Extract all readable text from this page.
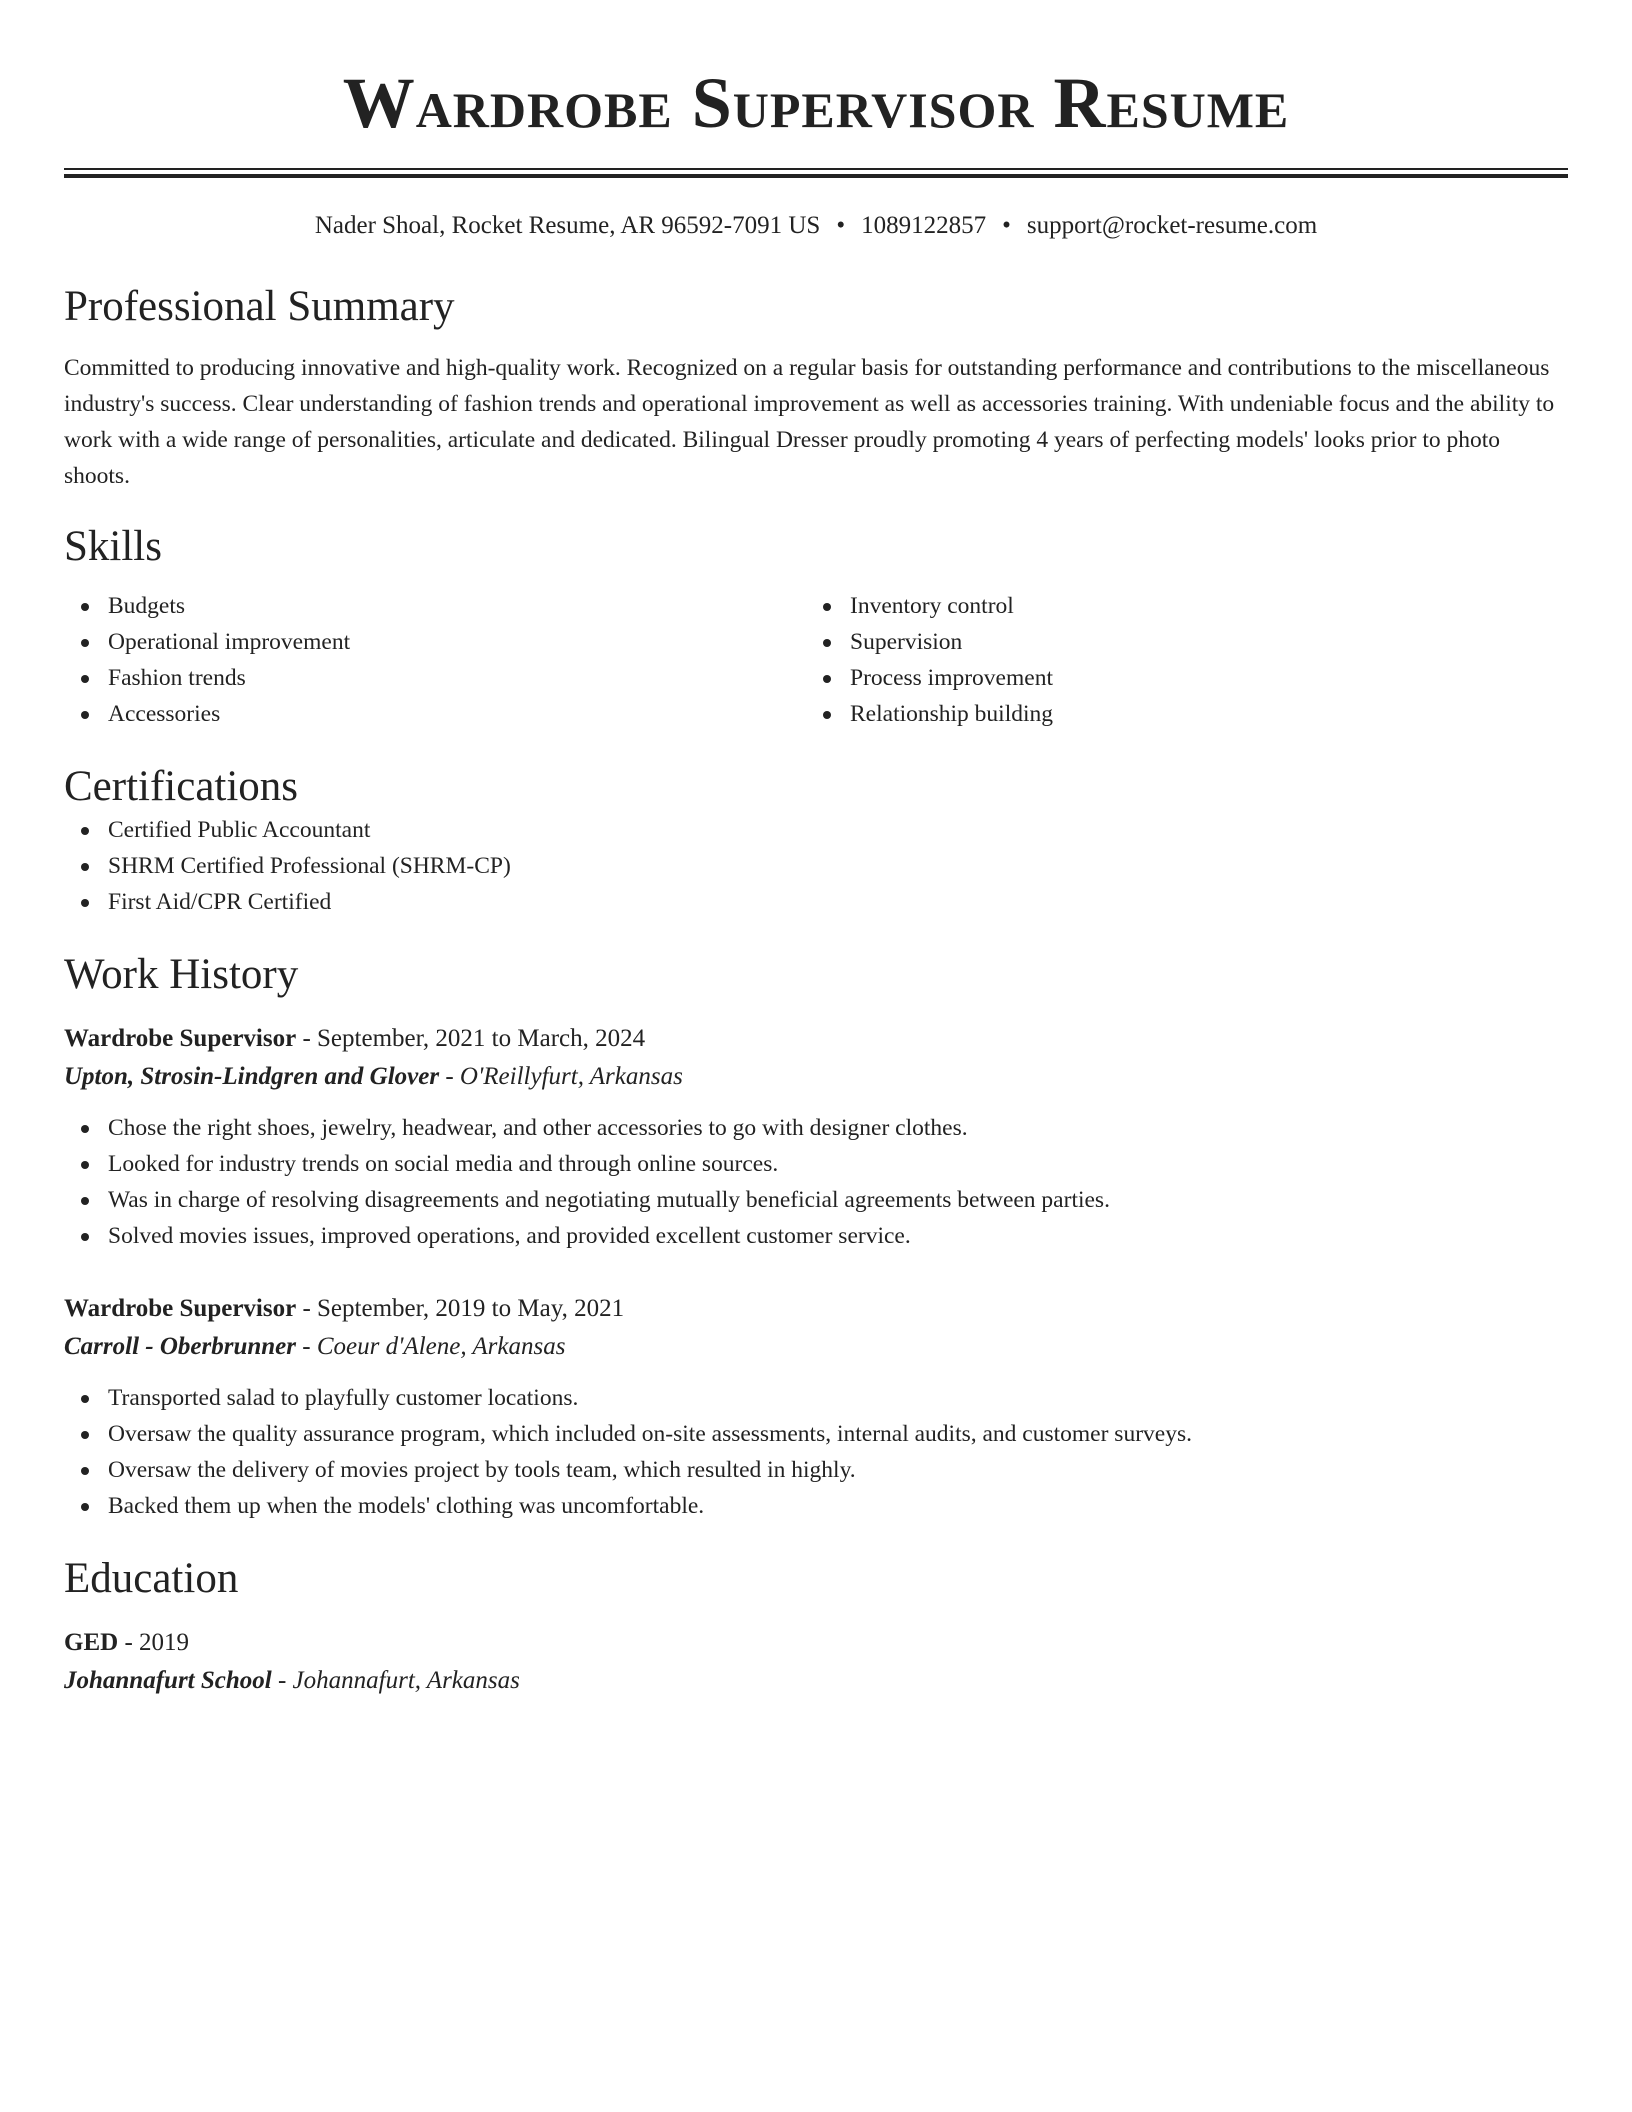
Wardrobe Supervisor Resume
Nader Shoal, Rocket Resume, AR 96592-7091 US • 1089122857 • support@rocket-resume.com
Professional Summary

Committed to producing innovative and high-quality work. Recognized on a regular basis for outstanding performance and contributions to the miscellaneous industry's success. Clear understanding of fashion trends and operational improvement as well as accessories training. With undeniable focus and the ability to work with a wide range of personalities, articulate and dedicated. Bilingual Dresser proudly promoting 4 years of perfecting models' looks prior to photo shoots.

Skills
Budgets
Operational improvement
Fashion trends
Accessories
Inventory control
Supervision
Process improvement
Relationship building
Certifications
Certified Public Accountant
SHRM Certified Professional (SHRM-CP)
First Aid/CPR Certified
Work History
Wardrobe Supervisor - September, 2021 to March, 2024
Upton, Strosin-Lindgren and Glover - O'Reillyfurt, Arkansas
Chose the right shoes, jewelry, headwear, and other accessories to go with designer clothes.
Looked for industry trends on social media and through online sources.
Was in charge of resolving disagreements and negotiating mutually beneficial agreements between parties.
Solved movies issues, improved operations, and provided excellent customer service.
Wardrobe Supervisor - September, 2019 to May, 2021
Carroll - Oberbrunner - Coeur d'Alene, Arkansas
Transported salad to playfully customer locations.
Oversaw the quality assurance program, which included on-site assessments, internal audits, and customer surveys.
Oversaw the delivery of movies project by tools team, which resulted in highly.
Backed them up when the models' clothing was uncomfortable.
Education
GED - 2019
Johannafurt School - Johannafurt, Arkansas
